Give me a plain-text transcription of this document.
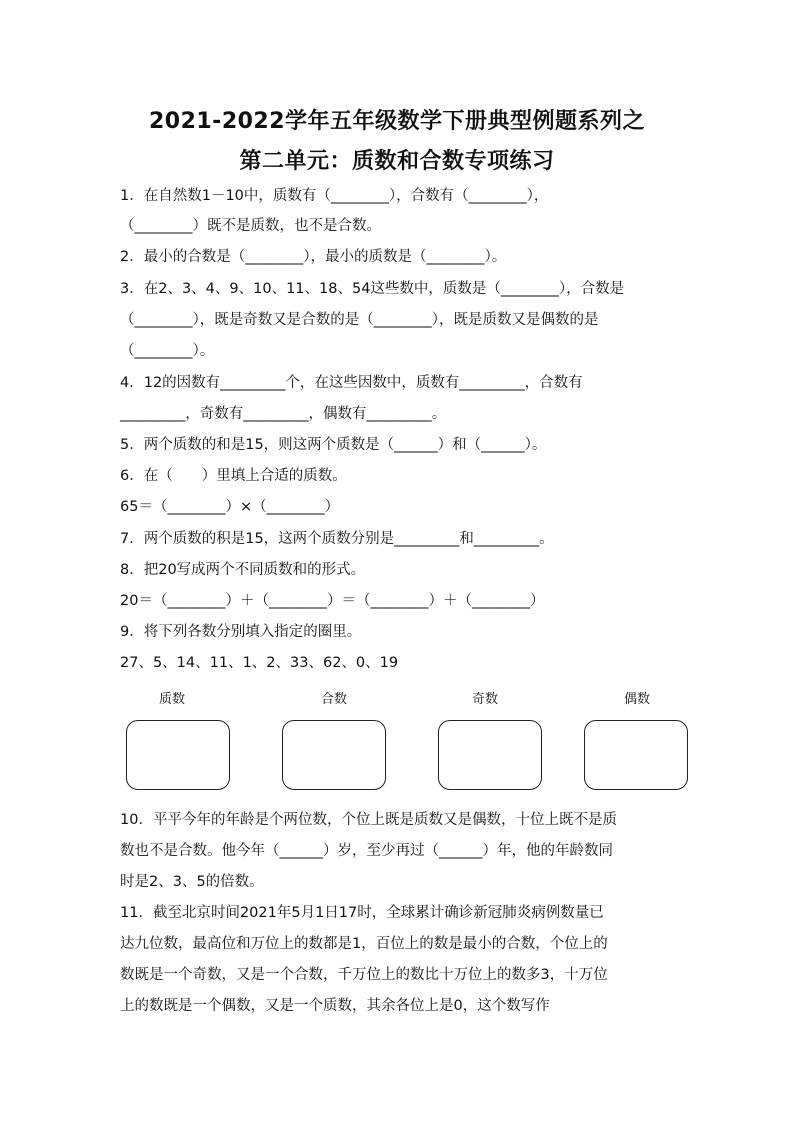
2021-2022学年五年级数学下册典型例题系列之
第二单元：质数和合数专项练习
1．在自然数1－10中，质数有（________），合数有（________），
（________）既不是质数，也不是合数。
2．最小的合数是（________），最小的质数是（________）。
3．在2、3、4、9、10、11、18、54这些数中，质数是（________），合数是
（________），既是奇数又是合数的是（________），既是质数又是偶数的是
（________）。
4．12的因数有_________个，在这些因数中，质数有_________，合数有
_________，奇数有_________，偶数有_________。
5．两个质数的和是15，则这两个质数是（______）和（______）。
6．在（　　）里填上合适的质数。
65＝（________）×（________）
7．两个质数的积是15，这两个质数分别是_________和_________。
8．把20写成两个不同质数和的形式。
20＝（________）＋（________）＝（________）＋（________）
9．将下列各数分别填入指定的圈里。
27、5、14、11、1、2、33、62、0、19
质数	合数	奇数	偶数
10．平平今年的年龄是个两位数，个位上既是质数又是偶数，十位上既不是质
数也不是合数。他今年（______）岁，至少再过（______）年，他的年龄数同
时是2、3、5的倍数。
11．截至北京时间2021年5月1日17时，全球累计确诊新冠肺炎病例数量已
达九位数，最高位和万位上的数都是1，百位上的数是最小的合数，个位上的
数既是一个奇数，又是一个合数，千万位上的数比十万位上的数多3，十万位
上的数既是一个偶数，又是一个质数，其余各位上是0，这个数写作
